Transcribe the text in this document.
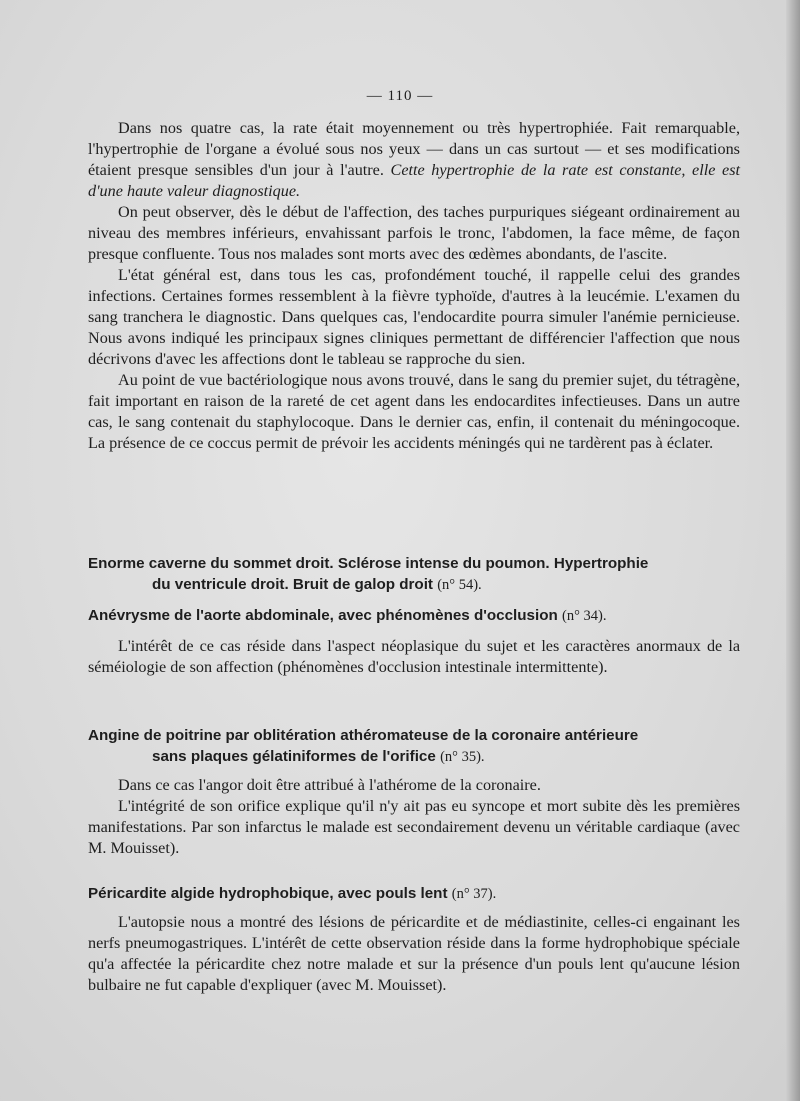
— 110 —

Dans nos quatre cas, la rate était moyennement ou très hypertrophiée. Fait remarquable, l'hypertrophie de l'organe a évolué sous nos yeux — dans un cas surtout — et ses modifications étaient presque sensibles d'un jour à l'autre. Cette hypertrophie de la rate est constante, elle est d'une haute valeur diagnostique.

On peut observer, dès le début de l'affection, des taches purpuriques siégeant ordinairement au niveau des membres inférieurs, envahissant parfois le tronc, l'abdomen, la face même, de façon presque confluente. Tous nos malades sont morts avec des œdèmes abondants, de l'ascite.

L'état général est, dans tous les cas, profondément touché, il rappelle celui des grandes infections. Certaines formes ressemblent à la fièvre typhoïde, d'autres à la leucémie. L'examen du sang tranchera le diagnostic. Dans quelques cas, l'endocardite pourra simuler l'anémie pernicieuse. Nous avons indiqué les principaux signes cliniques permettant de différencier l'affection que nous décrivons d'avec les affections dont le tableau se rapproche du sien.

Au point de vue bactériologique nous avons trouvé, dans le sang du premier sujet, du tétragène, fait important en raison de la rareté de cet agent dans les endocardites infectieuses. Dans un autre cas, le sang contenait du staphylocoque. Dans le dernier cas, enfin, il contenait du méningocoque. La présence de ce coccus permit de prévoir les accidents méningés qui ne tardèrent pas à éclater.

Enorme caverne du sommet droit. Sclérose intense du poumon. Hypertrophie
du ventricule droit. Bruit de galop droit (n° 54).
Anévrysme de l'aorte abdominale, avec phénomènes d'occlusion (n° 34).

L'intérêt de ce cas réside dans l'aspect néoplasique du sujet et les caractères anormaux de la séméiologie de son affection (phénomènes d'occlusion intestinale intermittente).

Angine de poitrine par oblitération athéromateuse de la coronaire antérieure
sans plaques gélatiniformes de l'orifice (n° 35).

Dans ce cas l'angor doit être attribué à l'athérome de la coronaire.

L'intégrité de son orifice explique qu'il n'y ait pas eu syncope et mort subite dès les premières manifestations. Par son infarctus le malade est secondairement devenu un véritable cardiaque (avec M. Mouisset).

Péricardite algide hydrophobique, avec pouls lent (n° 37).

L'autopsie nous a montré des lésions de péricardite et de médiastinite, celles-ci engainant les nerfs pneumogastriques. L'intérêt de cette observation réside dans la forme hydrophobique spéciale qu'a affectée la péricardite chez notre malade et sur la présence d'un pouls lent qu'aucune lésion bulbaire ne fut capable d'expliquer (avec M. Mouisset).
